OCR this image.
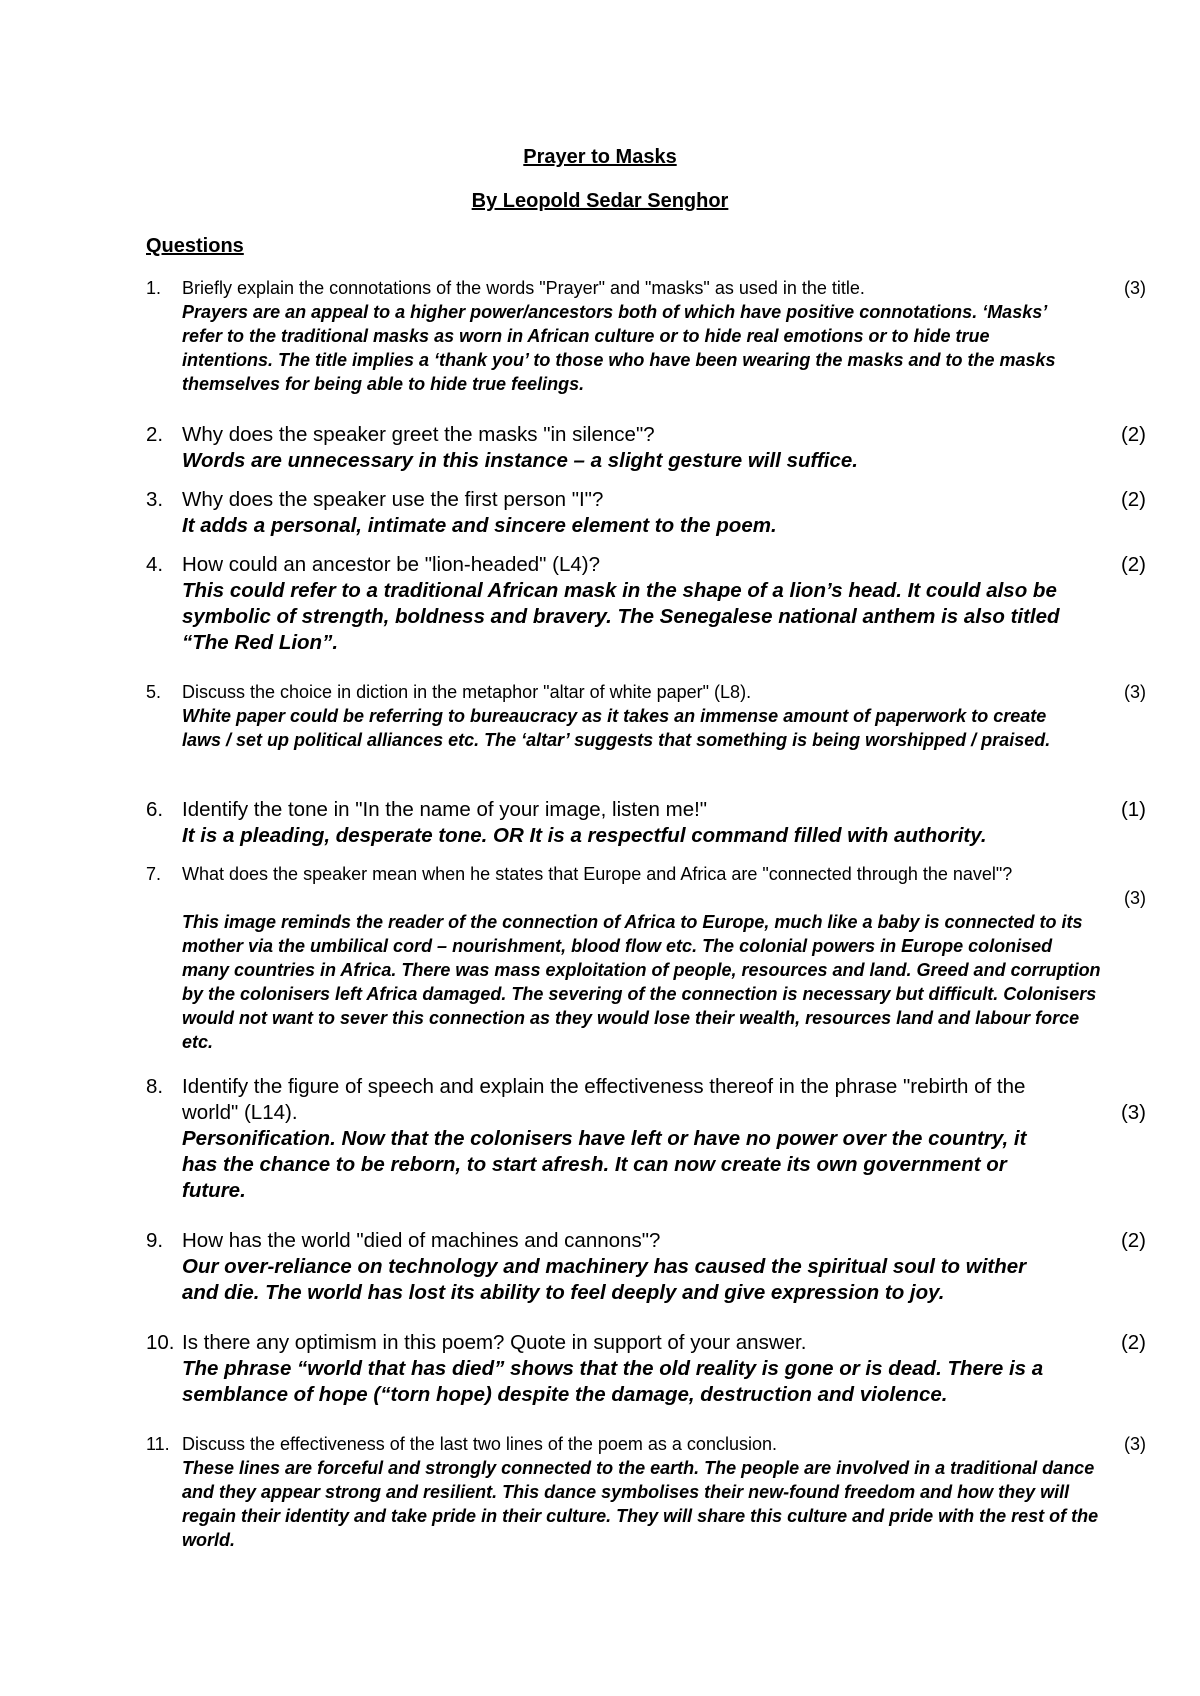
Prayer to Masks
By Leopold Sedar Senghor
Questions
1. Briefly explain the connotations of the words "Prayer" and "masks" as used in the title.	(3)
Prayers are an appeal to a higher power/ancestors both of which have positive connotations. ‘Masks’ refer to the traditional masks as worn in African culture or to hide real emotions or to hide true intentions. The title implies a ‘thank you’ to those who have been wearing the masks and to the masks themselves for being able to hide true feelings.
2. Why does the speaker greet the masks "in silence"?	(2)
Words are unnecessary in this instance – a slight gesture will suffice.
3. Why does the speaker use the first person "I"?	(2)
It adds a personal, intimate and sincere element to the poem.
4. How could an ancestor be "lion-headed" (L4)?	(2)
This could refer to a traditional African mask in the shape of a lion’s head. It could also be symbolic of strength, boldness and bravery. The Senegalese national anthem is also titled “The Red Lion”.
5. Discuss the choice in diction in the metaphor "altar of white paper" (L8).	(3)
White paper could be referring to bureaucracy as it takes an immense amount of paperwork to create laws / set up political alliances etc. The ‘altar’ suggests that something is being worshipped / praised.
6. Identify the tone in "In the name of your image, listen me!"	(1)
It is a pleading, desperate tone. OR It is a respectful command filled with authority.
7. What does the speaker mean when he states that Europe and Africa are "connected through the navel"?
(3)
This image reminds the reader of the connection of Africa to Europe, much like a baby is connected to its mother via the umbilical cord – nourishment, blood flow etc. The colonial powers in Europe colonised many countries in Africa. There was mass exploitation of people, resources and land. Greed and corruption by the colonisers left Africa damaged. The severing of the connection is necessary but difficult. Colonisers would not want to sever this connection as they would lose their wealth, resources land and labour force etc.
8. Identify the figure of speech and explain the effectiveness thereof in the phrase "rebirth of the world" (L14).	(3)
Personification. Now that the colonisers have left or have no power over the country, it has the chance to be reborn, to start afresh. It can now create its own government or future.
9. How has the world "died of machines and cannons"?	(2)
Our over-reliance on technology and machinery has caused the spiritual soul to wither and die. The world has lost its ability to feel deeply and give expression to joy.
10. Is there any optimism in this poem? Quote in support of your answer.	(2)
The phrase “world that has died” shows that the old reality is gone or is dead. There is a semblance of hope (“torn hope) despite the damage, destruction and violence.
11. Discuss the effectiveness of the last two lines of the poem as a conclusion.	(3)
These lines are forceful and strongly connected to the earth. The people are involved in a traditional dance and they appear strong and resilient. This dance symbolises their new-found freedom and how they will regain their identity and take pride in their culture. They will share this culture and pride with the rest of the world.
